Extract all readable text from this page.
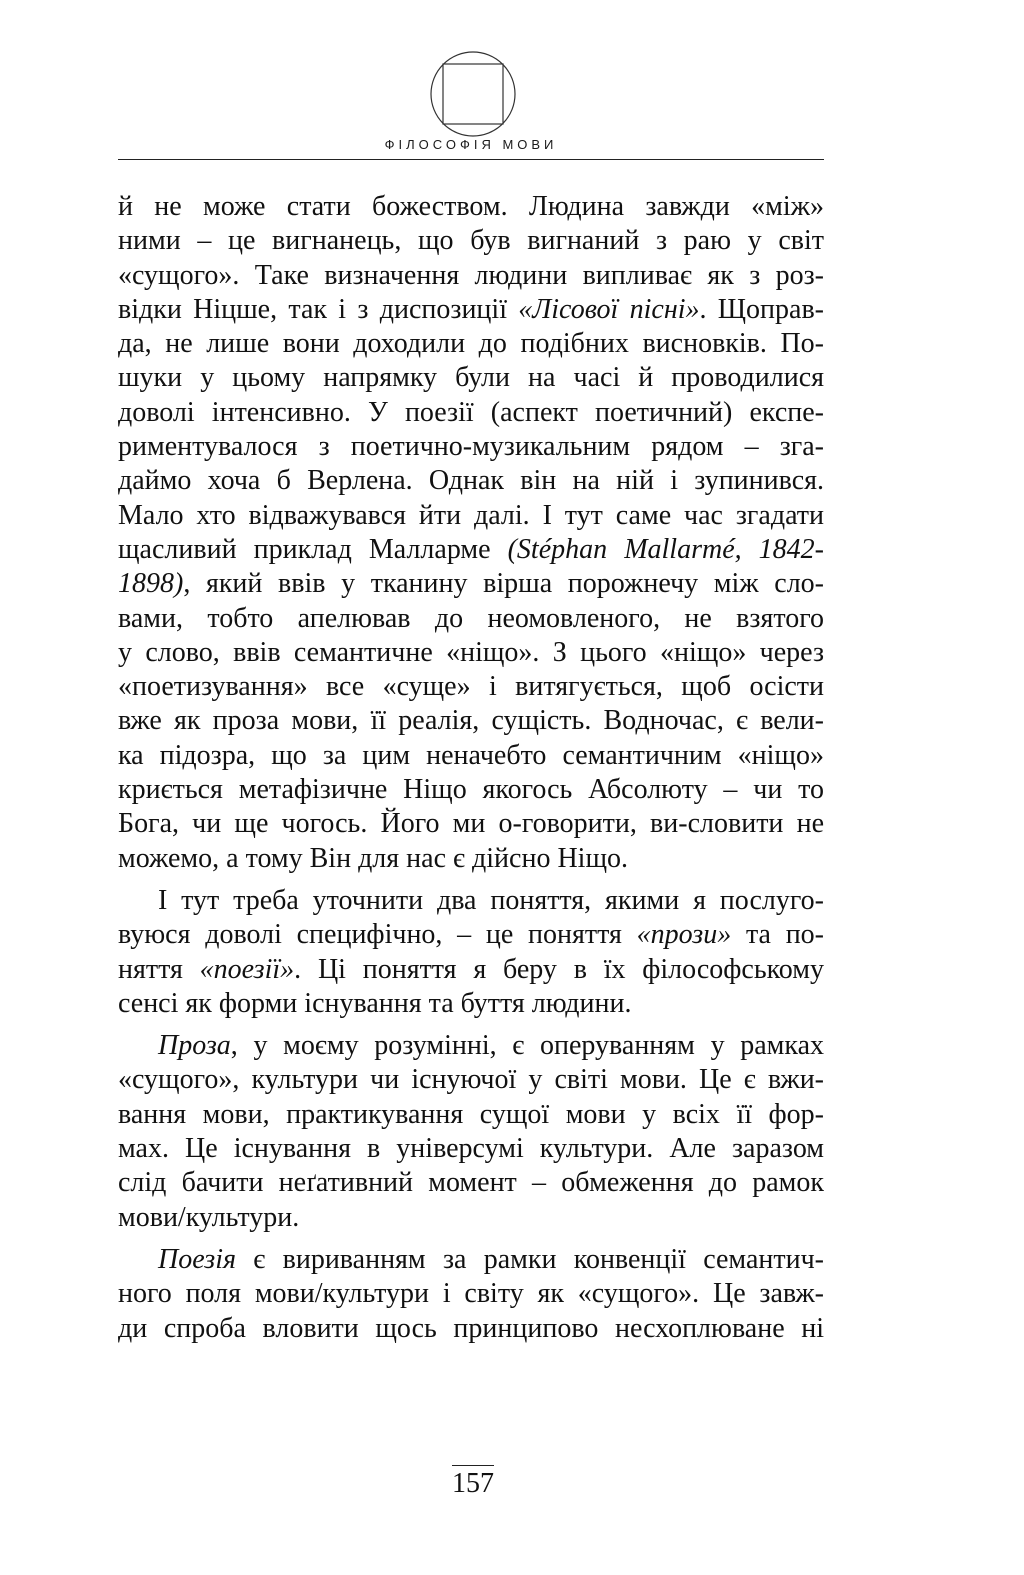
ФІЛОСОФІЯ МОВИ

й не може стати божеством. Людина завжди «між»
ними – це вигнанець, що був вигнаний з раю у світ
«сущого». Таке визначення людини випливає як з роз-
відки Ніцше, так і з диспозиції «Лісової пісні». Щоправ-
да, не лише вони доходили до подібних висновків. По-
шуки у цьому напрямку були на часі й проводилися
доволі інтенсивно. У поезії (аспект поетичний) експе-
риментувалося з поетично-музикальним рядом – зга-
даймо хоча б Верлена. Однак він на ній і зупинився.
Мало хто відважувався йти далі. І тут саме час згадати
щасливий приклад Малларме (Stéphan Mallarmé, 1842-
1898), який ввів у тканину вірша порожнечу між сло-
вами, тобто апелював до неомовленого, не взятого
у слово, ввів семантичне «ніщо». З цього «ніщо» через
«поетизування» все «суще» і витягується, щоб осісти
вже як проза мови, її реалія, сущість. Водночас, є вели-
ка підозра, що за цим неначебто семантичним «ніщо»
криється метафізичне Ніщо якогось Абсолюту – чи то
Бога, чи ще чогось. Його ми о-говорити, ви-словити не
можемо, а тому Він для нас є дійсно Ніщо.

І тут треба уточнити два поняття, якими я послуго-
вуюся доволі специфічно, – це поняття «прози» та по-
няття «поезії». Ці поняття я беру в їх філософському
сенсі як форми існування та буття людини.

Проза, у моєму розумінні, є оперуванням у рамках
«сущого», культури чи існуючої у світі мови. Це є вжи-
вання мови, практикування сущої мови у всіх її фор-
мах. Це існування в універсумі культури. Але заразом
слід бачити неґативний момент – обмеження до рамок
мови/культури.

Поезія є вириванням за рамки конвенції семантич-
ного поля мови/культури і світу як «сущого». Це завж-
ди спроба вловити щось принципово несхоплюване ні

157
